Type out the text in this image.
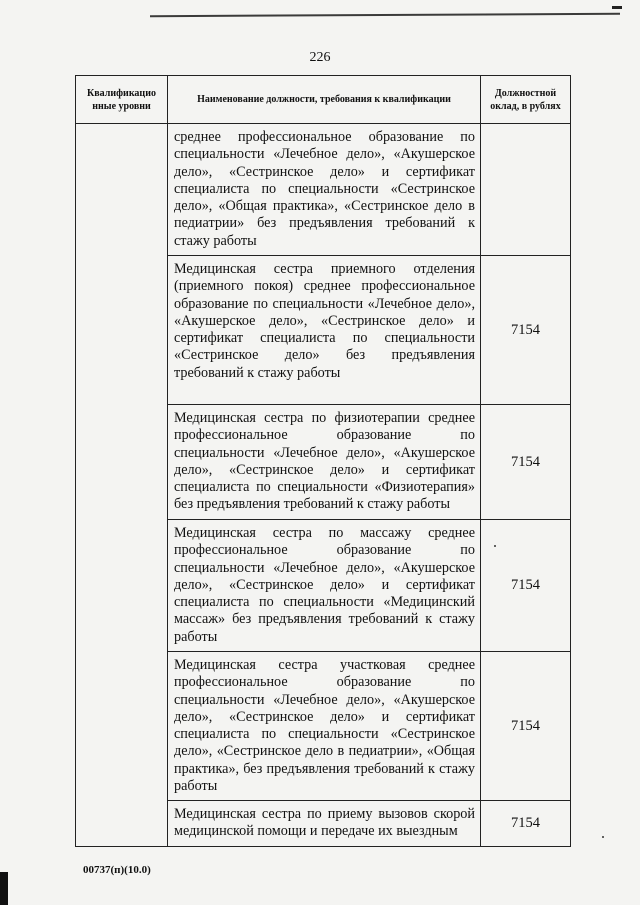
226
Квалификацио нные уровни	Наименование должности, требования к квалификации	Должностной оклад, в рублях

	среднее профессиональное образование по специальности «Лечебное дело», «Акушерское дело», «Сестринское дело» и сертификат специалиста по специальности «Сестринское дело», «Общая практика», «Сестринское дело в педиатрии» без предъявления требований к стажу работы	

	Медицинская сестра приемного отделения (приемного покоя) среднее профессиональное образование по специальности «Лечебное дело», «Акушерское дело», «Сестринское дело» и сертификат специалиста по специальности «Сестринское дело» без предъявления требований к стажу работы	7154

	Медицинская сестра по физиотерапии среднее профессиональное образование по специальности «Лечебное дело», «Акушерское дело», «Сестринское дело» и сертификат специалиста по специальности «Физиотерапия» без предъявления требований к стажу работы	7154

	Медицинская сестра по массажу среднее профессиональное образование по специальности «Лечебное дело», «Акушерское дело», «Сестринское дело» и сертификат специалиста по специальности «Медицинский массаж» без предъявления требований к стажу работы	7154

	Медицинская сестра участковая среднее профессиональное образование по специальности «Лечебное дело», «Акушерское дело», «Сестринское дело» и сертификат специалиста по специальности «Сестринское дело», «Сестринское дело в педиатрии», «Общая практика», без предъявления требований к стажу работы	7154

	Медицинская сестра по приему вызовов скорой медицинской помощи и передаче их выездным	7154
00737(п)(10.0)
